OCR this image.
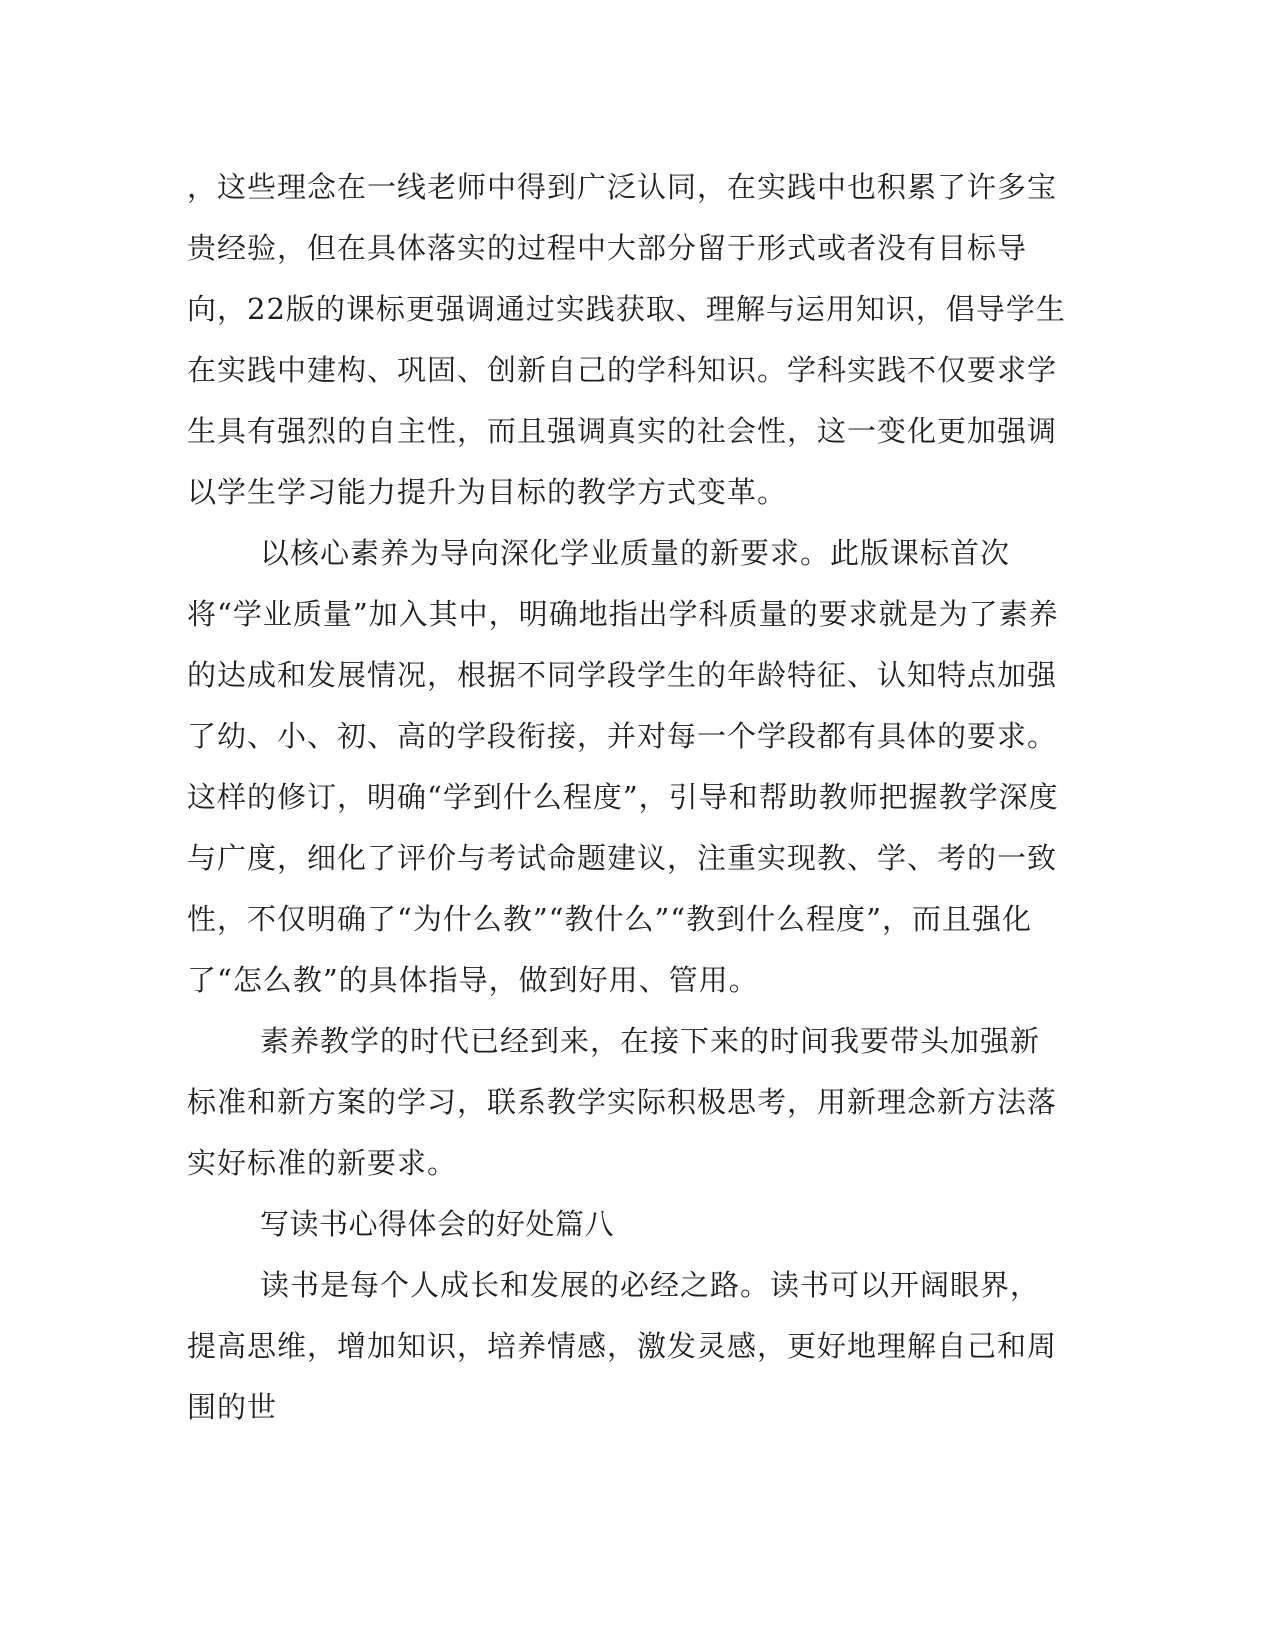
，这些理念在一线老师中得到广泛认同，在实践中也积累了许多宝贵经验，但在具体落实的过程中大部分留于形式或者没有目标导向，22版的课标更强调通过实践获取、理解与运用知识，倡导学生在实践中建构、巩固、创新自己的学科知识。学科实践不仅要求学生具有强烈的自主性，而且强调真实的社会性，这一变化更加强调以学生学习能力提升为目标的教学方式变革。

以核心素养为导向深化学业质量的新要求。此版课标首次将“学业质量”加入其中，明确地指出学科质量的要求就是为了素养的达成和发展情况，根据不同学段学生的年龄特征、认知特点加强了幼、小、初、高的学段衔接，并对每一个学段都有具体的要求。这样的修订，明确“学到什么程度”，引导和帮助教师把握教学深度与广度，细化了评价与考试命题建议，注重实现教、学、考的一致性，不仅明确了“为什么教”“教什么”“教到什么程度”，而且强化了“怎么教”的具体指导，做到好用、管用。

素养教学的时代已经到来，在接下来的时间我要带头加强新标准和新方案的学习，联系教学实际积极思考，用新理念新方法落实好标准的新要求。

写读书心得体会的好处篇八

读书是每个人成长和发展的必经之路。读书可以开阔眼界，提高思维，增加知识，培养情感，激发灵感，更好地理解自己和周围的世
